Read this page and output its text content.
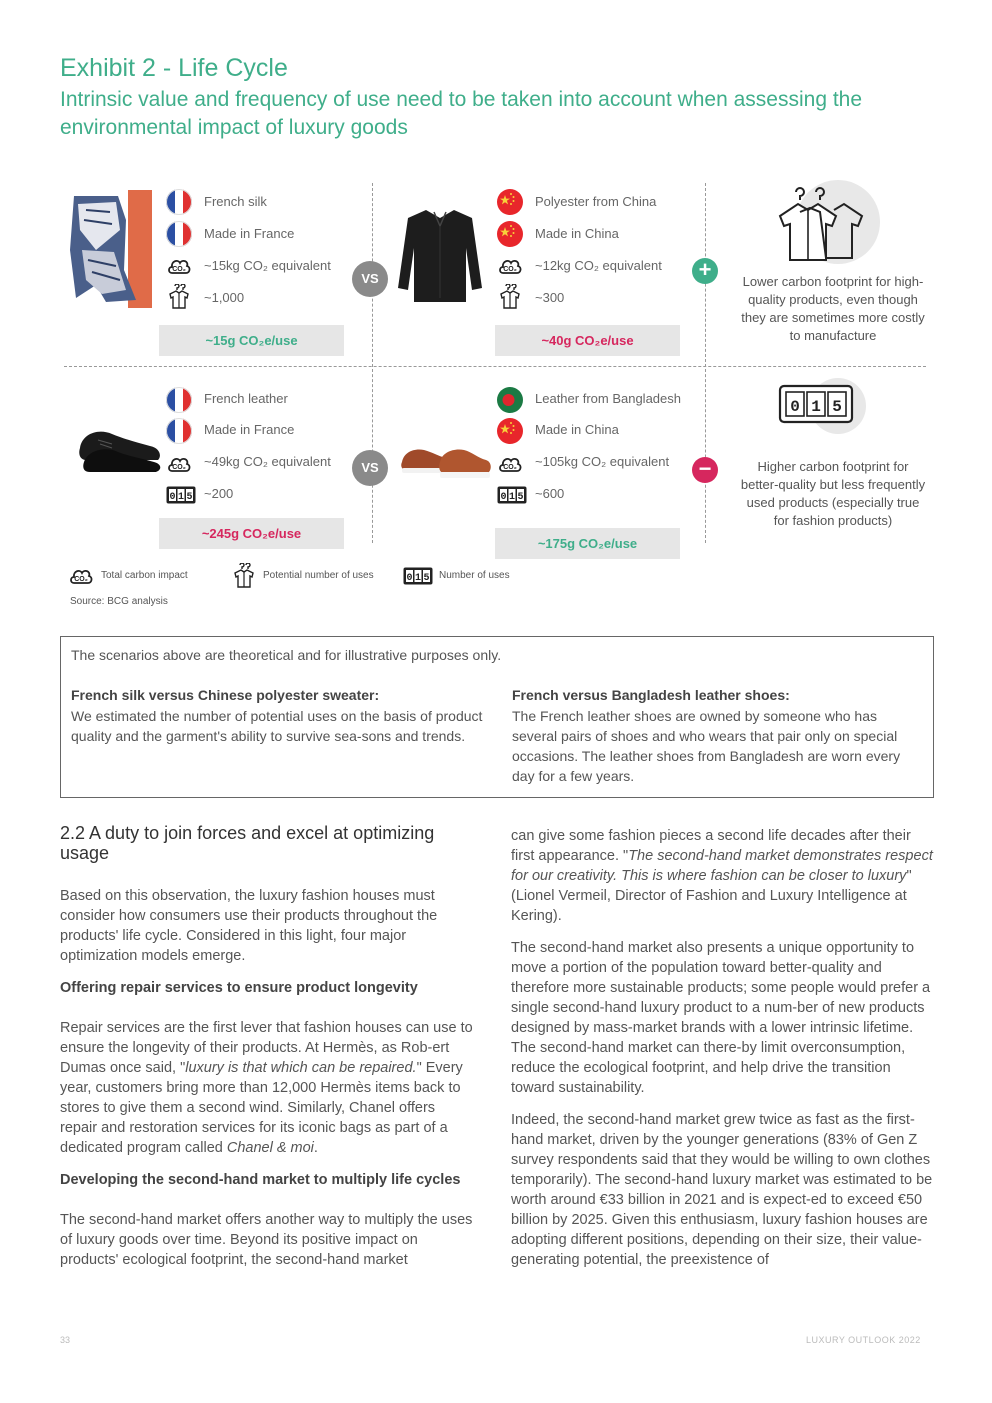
Exhibit 2 - Life Cycle
Intrinsic value and frequency of use need to be taken into account when assessing the environmental impact of luxury goods
French silk
Made in France
~15kg CO₂ equivalent
~1,000
~15g CO₂e/use
VS
Polyester from China
Made in China
~12kg CO₂ equivalent
~300
~40g CO₂e/use
+	Lower carbon footprint for high-quality products, even though they are sometimes more costly to manufacture
French leather
Made in France
~49kg CO₂ equivalent
~200
~245g CO₂e/use
VS
Leather from Bangladesh
Made in China
~105kg CO₂ equivalent
~600
~175g CO₂e/use
−
0 1 5
Higher carbon footprint for better-quality but less frequently used products (especially true for fashion products)
Total carbon impact	Potential number of uses	Number of uses
Source: BCG analysis
The scenarios above are theoretical and for illustrative purposes only.
French silk versus Chinese polyester sweater:
We estimated the number of potential uses on the basis of product quality and the garment's ability to survive sea-sons and trends.
French versus Bangladesh leather shoes:
The French leather shoes are owned by someone who has several pairs of shoes and who wears that pair only on special occasions. The leather shoes from Bangladesh are worn every day for a few years.
2.2 A duty to join forces and excel at optimizing usage

Based on this observation, the luxury fashion houses must consider how consumers use their products throughout the products' life cycle. Considered in this light, four major optimization models emerge.

Offering repair services to ensure product longevity

Repair services are the first lever that fashion houses can use to ensure the longevity of their products. At Hermès, as Rob-ert Dumas once said, "luxury is that which can be repaired." Every year, customers bring more than 12,000 Hermès items back to stores to give them a second wind. Similarly, Chanel offers repair and restoration services for its iconic bags as part of a dedicated program called Chanel & moi.

Developing the second-hand market to multiply life cycles

The second-hand market offers another way to multiply the uses of luxury goods over time. Beyond its positive impact on products' ecological footprint, the second-hand market

can give some fashion pieces a second life decades after their first appearance. "The second-hand market demonstrates respect for our creativity. This is where fashion can be closer to luxury" (Lionel Vermeil, Director of Fashion and Luxury Intelligence at Kering).

The second-hand market also presents a unique opportunity to move a portion of the population toward better-quality and therefore more sustainable products; some people would prefer a single second-hand luxury product to a num-ber of new products designed by mass-market brands with a lower intrinsic lifetime. The second-hand market can there-by limit overconsumption, reduce the ecological footprint, and help drive the transition toward sustainability.

Indeed, the second-hand market grew twice as fast as the first-hand market, driven by the younger generations (83% of Gen Z survey respondents said that they would be willing to own clothes temporarily). The second-hand luxury market was estimated to be worth around €33 billion in 2021 and is expect-ed to exceed €50 billion by 2025. Given this enthusiasm, luxury fashion houses are adopting different positions, depending on their size, their value-generating potential, the preexistence of

33	LUXURY OUTLOOK 2022
